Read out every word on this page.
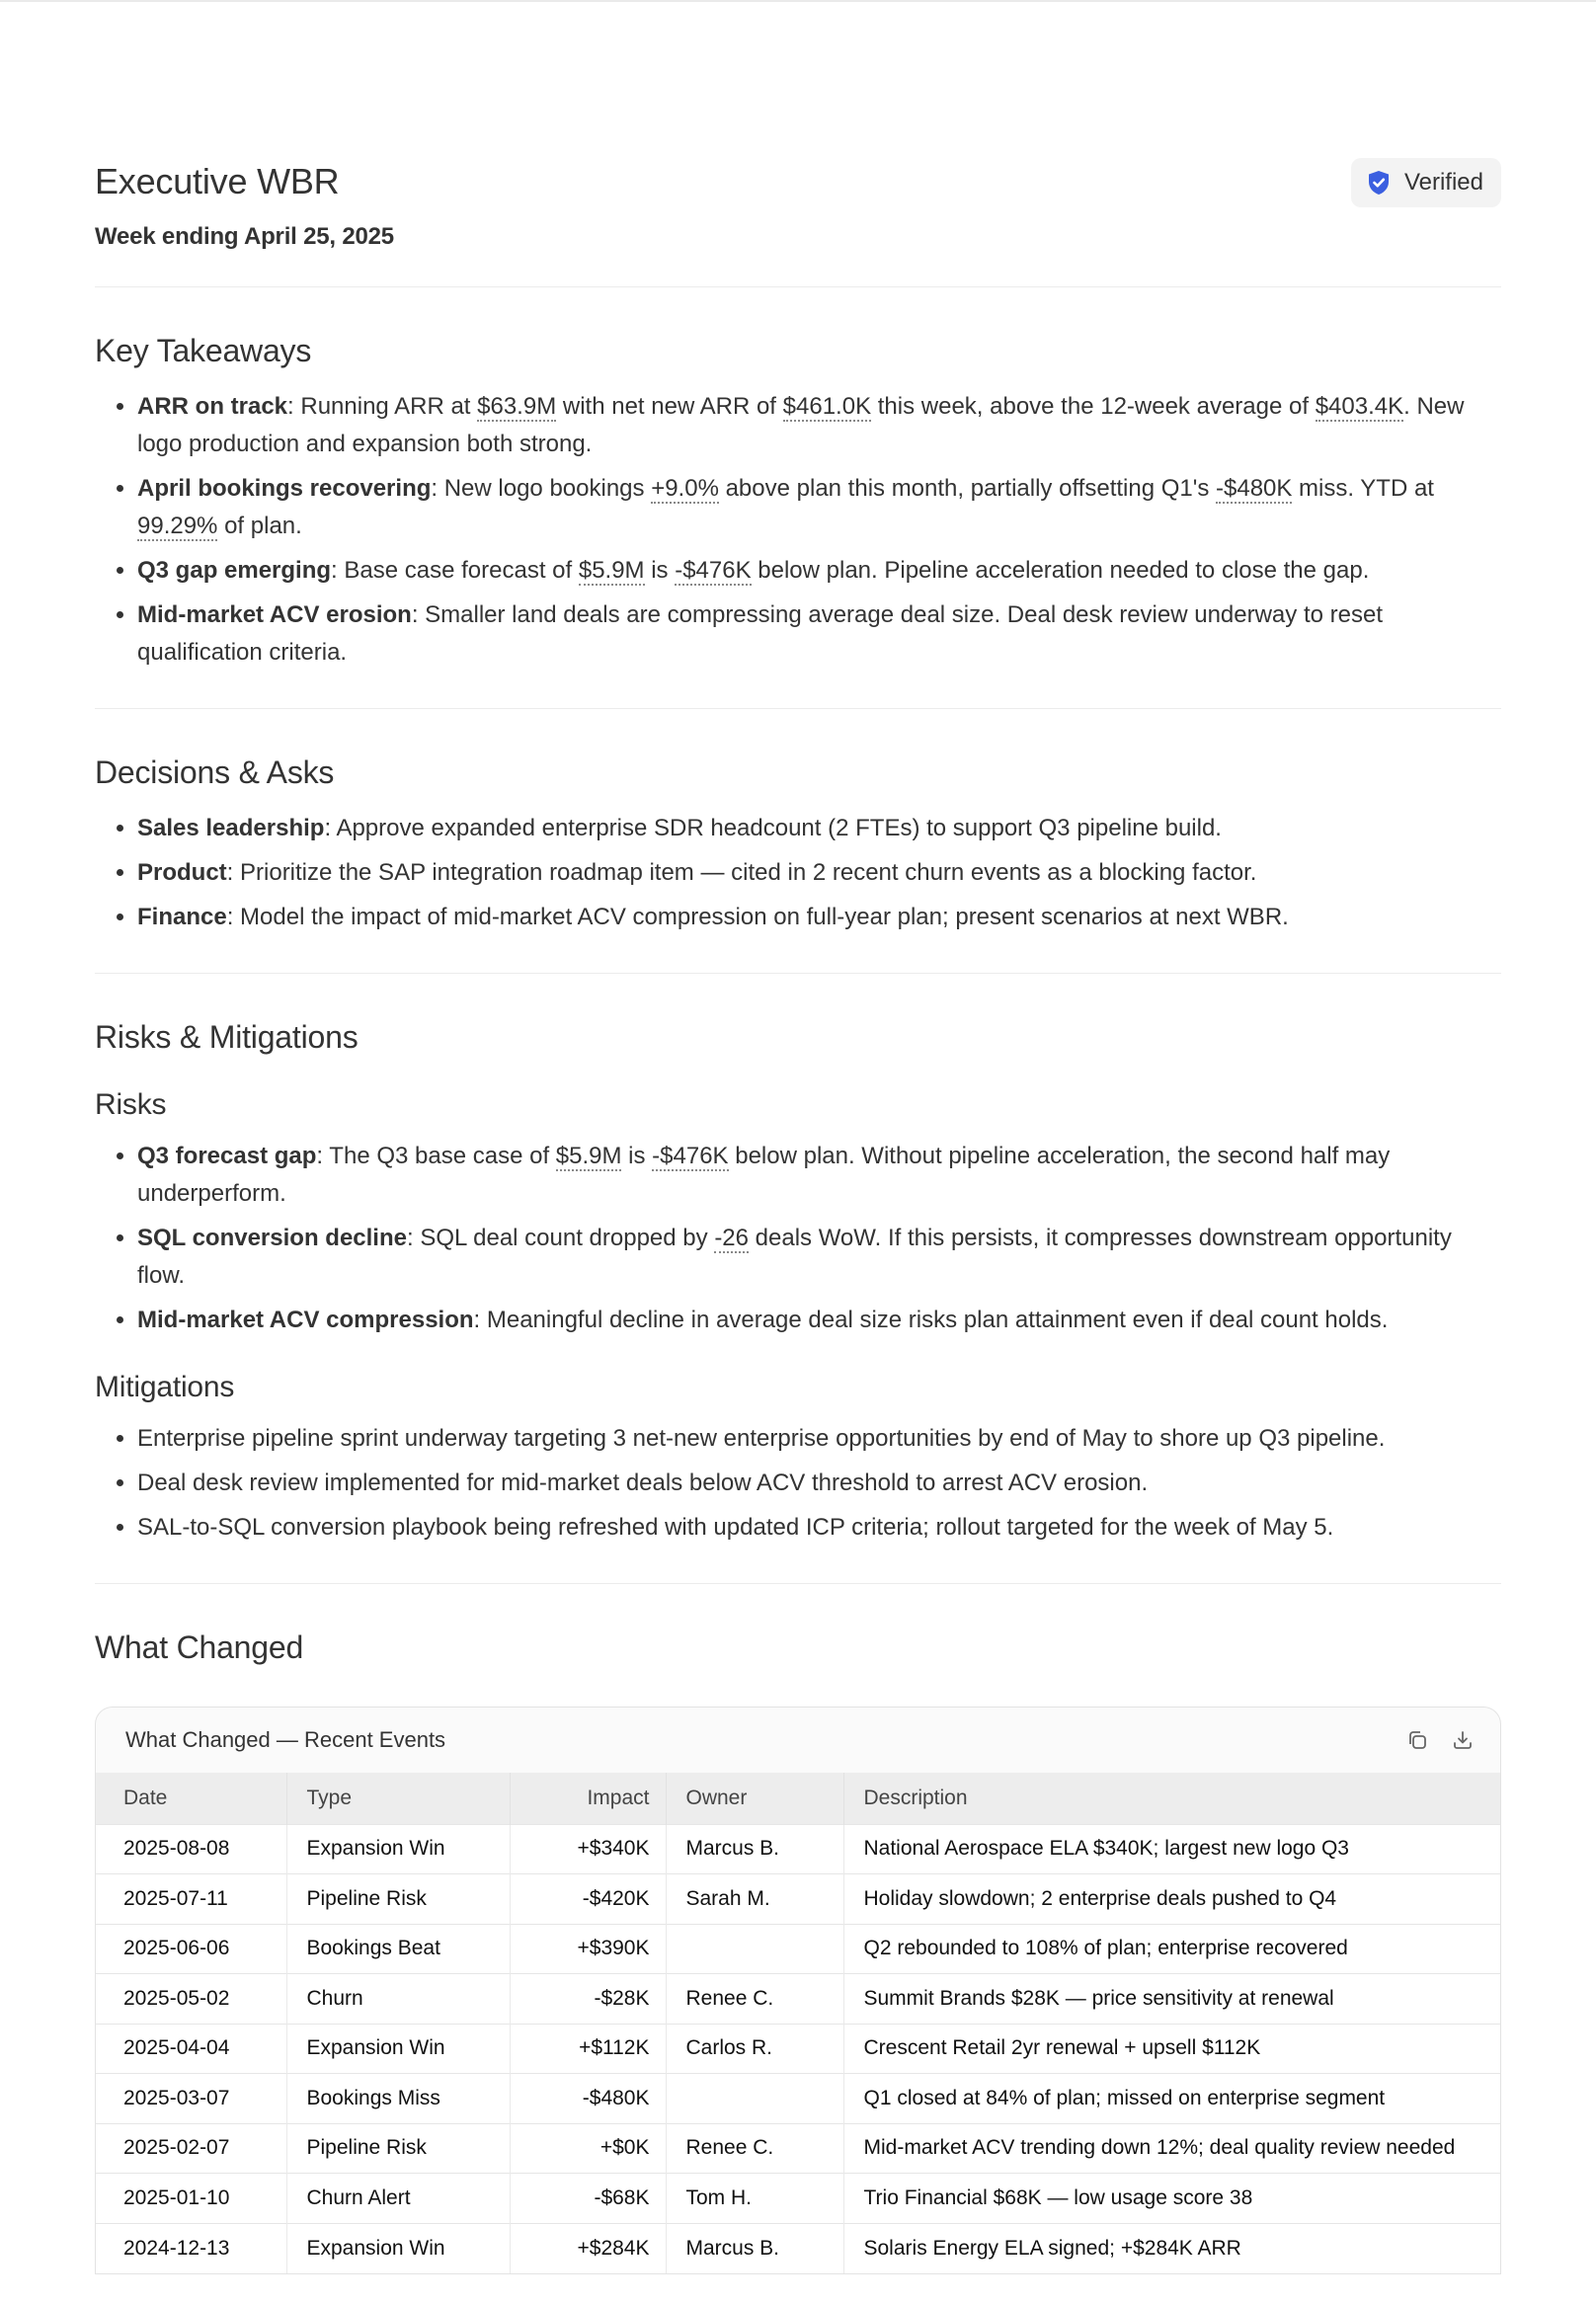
Executive WBR
Week ending April 25, 2025
Verified
Key Takeaways
• ARR on track: Running ARR at $63.9M with net new ARR of $461.0K this week, above the 12-week average of $403.4K. New logo production and expansion both strong.
• April bookings recovering: New logo bookings +9.0% above plan this month, partially offsetting Q1's -$480K miss. YTD at 99.29% of plan.
• Q3 gap emerging: Base case forecast of $5.9M is -$476K below plan. Pipeline acceleration needed to close the gap.
• Mid-market ACV erosion: Smaller land deals are compressing average deal size. Deal desk review underway to reset qualification criteria.
Decisions & Asks
• Sales leadership: Approve expanded enterprise SDR headcount (2 FTEs) to support Q3 pipeline build.
• Product: Prioritize the SAP integration roadmap item — cited in 2 recent churn events as a blocking factor.
• Finance: Model the impact of mid-market ACV compression on full-year plan; present scenarios at next WBR.
Risks & Mitigations
Risks
• Q3 forecast gap: The Q3 base case of $5.9M is -$476K below plan. Without pipeline acceleration, the second half may underperform.
• SQL conversion decline: SQL deal count dropped by -26 deals WoW. If this persists, it compresses downstream opportunity flow.
• Mid-market ACV compression: Meaningful decline in average deal size risks plan attainment even if deal count holds.
Mitigations
• Enterprise pipeline sprint underway targeting 3 net-new enterprise opportunities by end of May to shore up Q3 pipeline.
• Deal desk review implemented for mid-market deals below ACV threshold to arrest ACV erosion.
• SAL-to-SQL conversion playbook being refreshed with updated ICP criteria; rollout targeted for the week of May 5.
What Changed
What Changed — Recent Events
Date	Type	Impact	Owner	Description
2025-08-08	Expansion Win	+$340K	Marcus B.	National Aerospace ELA $340K; largest new logo Q3
2025-07-11	Pipeline Risk	-$420K	Sarah M.	Holiday slowdown; 2 enterprise deals pushed to Q4
2025-06-06	Bookings Beat	+$390K		Q2 rebounded to 108% of plan; enterprise recovered
2025-05-02	Churn	-$28K	Renee C.	Summit Brands $28K — price sensitivity at renewal
2025-04-04	Expansion Win	+$112K	Carlos R.	Crescent Retail 2yr renewal + upsell $112K
2025-03-07	Bookings Miss	-$480K		Q1 closed at 84% of plan; missed on enterprise segment
2025-02-07	Pipeline Risk	+$0K	Renee C.	Mid-market ACV trending down 12%; deal quality review needed
2025-01-10	Churn Alert	-$68K	Tom H.	Trio Financial $68K — low usage score 38
2024-12-13	Expansion Win	+$284K	Marcus B.	Solaris Energy ELA signed; +$284K ARR
